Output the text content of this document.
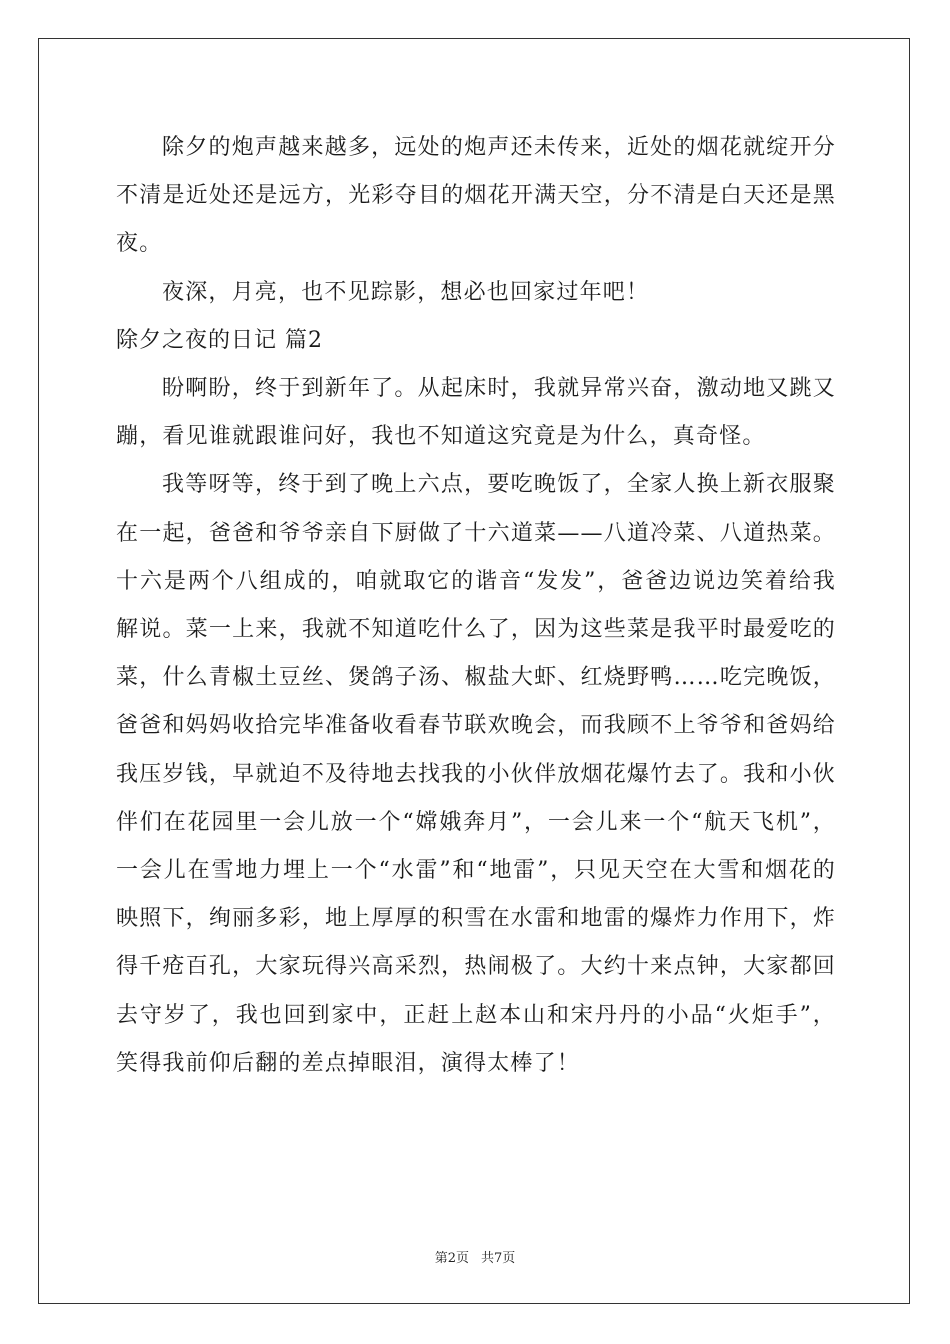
除夕的炮声越来越多，远处的炮声还未传来，近处的烟花就绽开分不清是近处还是远方，光彩夺目的烟花开满天空，分不清是白天还是黑夜。

夜深，月亮，也不见踪影，想必也回家过年吧！

除夕之夜的日记 篇2

盼啊盼，终于到新年了。从起床时，我就异常兴奋，激动地又跳又蹦，看见谁就跟谁问好，我也不知道这究竟是为什么，真奇怪。

我等呀等，终于到了晚上六点，要吃晚饭了，全家人换上新衣服聚在一起，爸爸和爷爷亲自下厨做了十六道菜——八道冷菜、八道热菜。十六是两个八组成的，咱就取它的谐音“发发”，爸爸边说边笑着给我解说。菜一上来，我就不知道吃什么了，因为这些菜是我平时最爱吃的菜，什么青椒土豆丝、煲鸽子汤、椒盐大虾、红烧野鸭……吃完晚饭，爸爸和妈妈收拾完毕准备收看春节联欢晚会，而我顾不上爷爷和爸妈给我压岁钱，早就迫不及待地去找我的小伙伴放烟花爆竹去了。我和小伙伴们在花园里一会儿放一个“嫦娥奔月”，一会儿来一个“航天飞机”，一会儿在雪地力埋上一个“水雷”和“地雷”，只见天空在大雪和烟花的映照下，绚丽多彩，地上厚厚的积雪在水雷和地雷的爆炸力作用下，炸得千疮百孔，大家玩得兴高采烈，热闹极了。大约十来点钟，大家都回去守岁了，我也回到家中，正赶上赵本山和宋丹丹的小品“火炬手”，笑得我前仰后翻的差点掉眼泪，演得太棒了！

第2页 共7页
